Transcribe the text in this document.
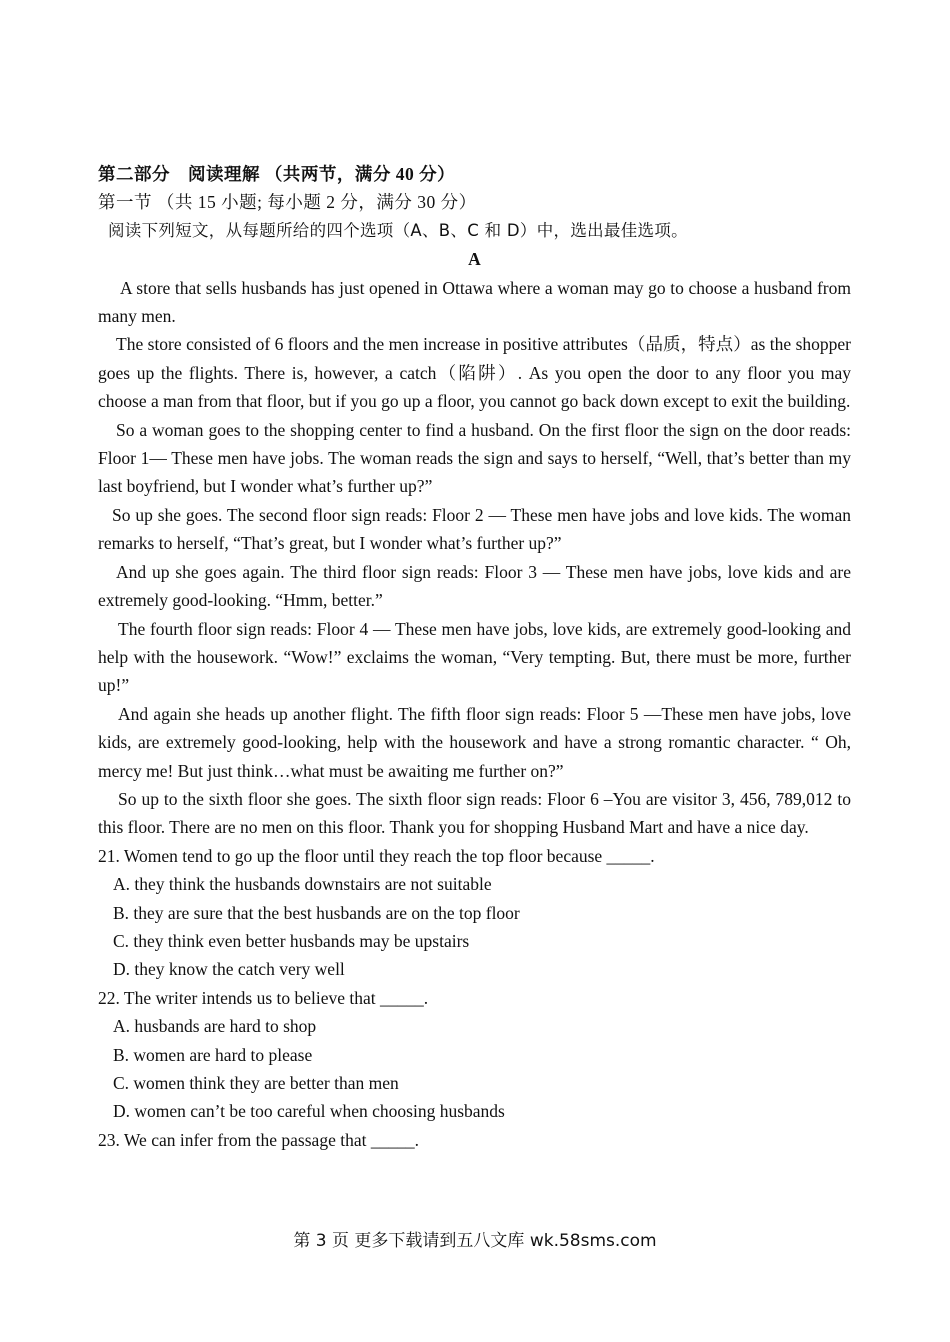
第二部分　阅读理解 （共两节，满分 40 分）
第一节 （共 15 小题; 每小题 2 分，满分 30 分）
阅读下列短文，从每题所给的四个选项（A、B、C 和 D）中，选出最佳选项。
A
A store that sells husbands has just opened in Ottawa where a woman may go to choose a husband from many men.
The store consisted of 6 floors and the men increase in positive attributes（品质，特点）as the shopper goes up the flights. There is, however, a catch（陷阱）. As you open the door to any floor you may choose a man from that floor, but if you go up a floor, you cannot go back down except to exit the building.
So a woman goes to the shopping center to find a husband. On the first floor the sign on the door reads: Floor 1— These men have jobs. The woman reads the sign and says to herself, “Well, that’s better than my last boyfriend, but I wonder what’s further up?”
So up she goes. The second floor sign reads: Floor 2 — These men have jobs and love kids. The woman remarks to herself, “That’s great, but I wonder what’s further up?”
And up she goes again. The third floor sign reads: Floor 3 — These men have jobs, love kids and are extremely good-looking. “Hmm, better.”
The fourth floor sign reads: Floor 4 — These men have jobs, love kids, are extremely good-looking and help with the housework. “Wow!” exclaims the woman, “Very tempting. But, there must be more, further up!”
And again she heads up another flight. The fifth floor sign reads: Floor 5 —These men have jobs, love kids, are extremely good-looking, help with the housework and have a strong romantic character. “ Oh, mercy me! But just think…what must be awaiting me further on?”
So up to the sixth floor she goes. The sixth floor sign reads: Floor 6 –You are visitor 3, 456, 789,012 to this floor. There are no men on this floor. Thank you for shopping Husband Mart and have a nice day.
21. Women tend to go up the floor until they reach the top floor because _____.
A. they think the husbands downstairs are not suitable
B. they are sure that the best husbands are on the top floor
C. they think even better husbands may be upstairs
D. they know the catch very well
22. The writer intends us to believe that _____.
A. husbands are hard to shop
B. women are hard to please
C. women think they are better than men
D. women can’t be too careful when choosing husbands
23. We can infer from the passage that _____.
第 3 页 更多下载请到五八文库 wk.58sms.com
